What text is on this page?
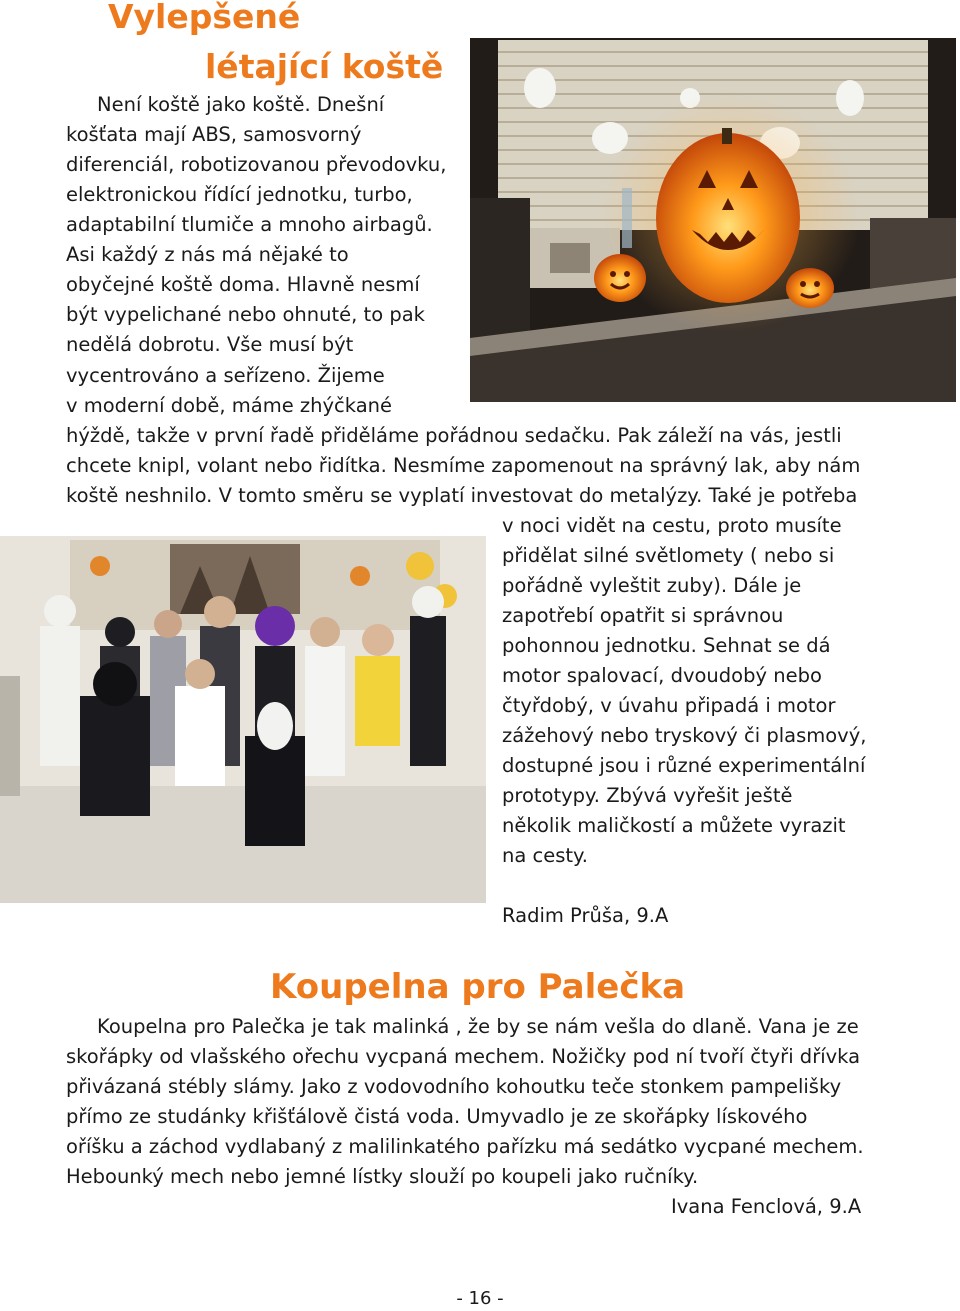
Vylepšené
létající koště

Není koště jako koště. Dnešní

košťata mají ABS, samosvorný

diferenciál, robotizovanou převodovku,

elektronickou řídící jednotku, turbo,

adaptabilní tlumiče a mnoho airbagů.

Asi každý z nás má nějaké to

obyčejné koště doma. Hlavně nesmí

být vypelichané nebo ohnuté, to pak

nedělá dobrotu. Vše musí být

vycentrováno a seřízeno. Žijeme

v moderní době, máme zhýčkané

hýždě, takže v první řadě přiděláme pořádnou sedačku. Pak záleží na vás, jestli

chcete knipl, volant nebo řidítka. Nesmíme zapomenout na správný lak, aby nám

koště neshnilo. V tomto směru se vyplatí investovat do metalýzy. Také je potřeba

v noci vidět na cestu, proto musíte

přidělat silné světlomety ( nebo si

pořádně vyleštit zuby). Dále je

zapotřebí opatřit si správnou

pohonnou jednotku. Sehnat se dá

motor spalovací, dvoudobý nebo

čtyřdobý, v úvahu připadá i motor

zážehový nebo tryskový či plasmový,

dostupné jsou i různé experimentální

prototypy. Zbývá vyřešit ještě

několik maličkostí a můžete vyrazit

na cesty.

Radim Průša, 9.A

Koupelna pro Palečka

Koupelna pro Palečka je tak malinká , že by se nám vešla do dlaně. Vana je ze

skořápky od vlašského ořechu vycpaná mechem. Nožičky pod ní tvoří čtyři dřívka

přivázaná stébly slámy. Jako z vodovodního kohoutku teče stonkem pampelišky

přímo ze studánky křišťálově čistá voda. Umyvadlo je ze skořápky lískového

oříšku a záchod vydlabaný z malilinkatého pařízku má sedátko vycpané mechem.

Hebounký mech nebo jemné lístky slouží po koupeli jako ručníky.

Ivana Fenclová, 9.A

- 16 -
